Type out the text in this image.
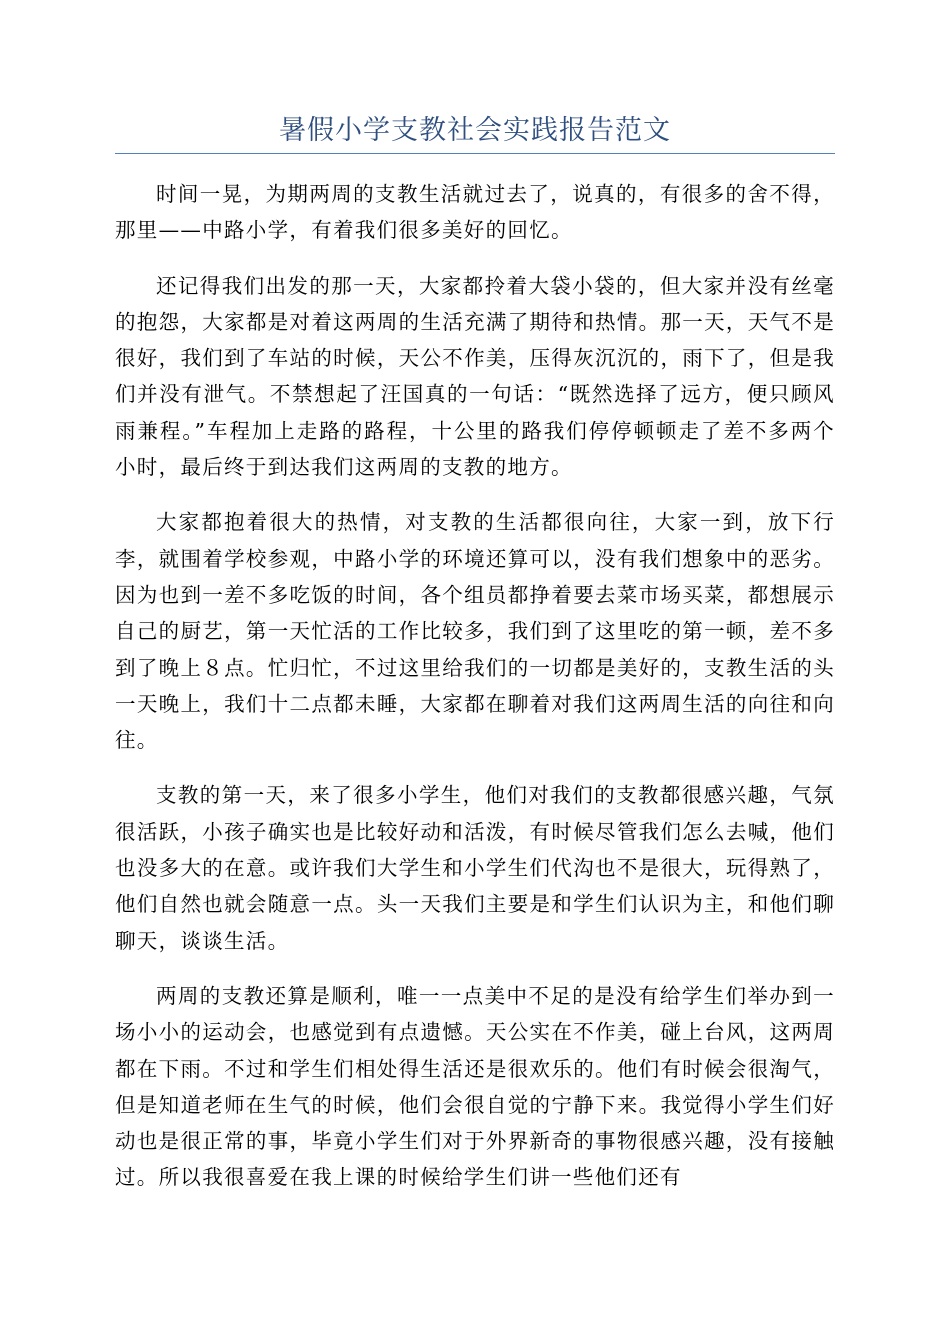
暑假小学支教社会实践报告范文

时间一晃，为期两周的支教生活就过去了，说真的，有很多的舍不得，那里——中路小学，有着我们很多美好的回忆。

还记得我们出发的那一天，大家都拎着大袋小袋的，但大家并没有丝毫的抱怨，大家都是对着这两周的生活充满了期待和热情。那一天，天气不是很好，我们到了车站的时候，天公不作美，压得灰沉沉的，雨下了，但是我们并没有泄气。不禁想起了汪国真的一句话：“既然选择了远方，便只顾风雨兼程。”车程加上走路的路程，十公里的路我们停停顿顿走了差不多两个小时，最后终于到达我们这两周的支教的地方。

大家都抱着很大的热情，对支教的生活都很向往，大家一到，放下行李，就围着学校参观，中路小学的环境还算可以，没有我们想象中的恶劣。因为也到一差不多吃饭的时间，各个组员都挣着要去菜市场买菜，都想展示自己的厨艺，第一天忙活的工作比较多，我们到了这里吃的第一顿，差不多到了晚上８点。忙归忙，不过这里给我们的一切都是美好的，支教生活的头一天晚上，我们十二点都未睡，大家都在聊着对我们这两周生活的向往和向往。

支教的第一天，来了很多小学生，他们对我们的支教都很感兴趣，气氛很活跃，小孩子确实也是比较好动和活泼，有时候尽管我们怎么去喊，他们也没多大的在意。或许我们大学生和小学生们代沟也不是很大，玩得熟了，他们自然也就会随意一点。头一天我们主要是和学生们认识为主，和他们聊聊天，谈谈生活。

两周的支教还算是顺利，唯一一点美中不足的是没有给学生们举办到一场小小的运动会，也感觉到有点遗憾。天公实在不作美，碰上台风，这两周都在下雨。不过和学生们相处得生活还是很欢乐的。他们有时候会很淘气，但是知道老师在生气的时候，他们会很自觉的宁静下来。我觉得小学生们好动也是很正常的事，毕竟小学生们对于外界新奇的事物很感兴趣，没有接触过。所以我很喜爱在我上课的时候给学生们讲一些他们还有
